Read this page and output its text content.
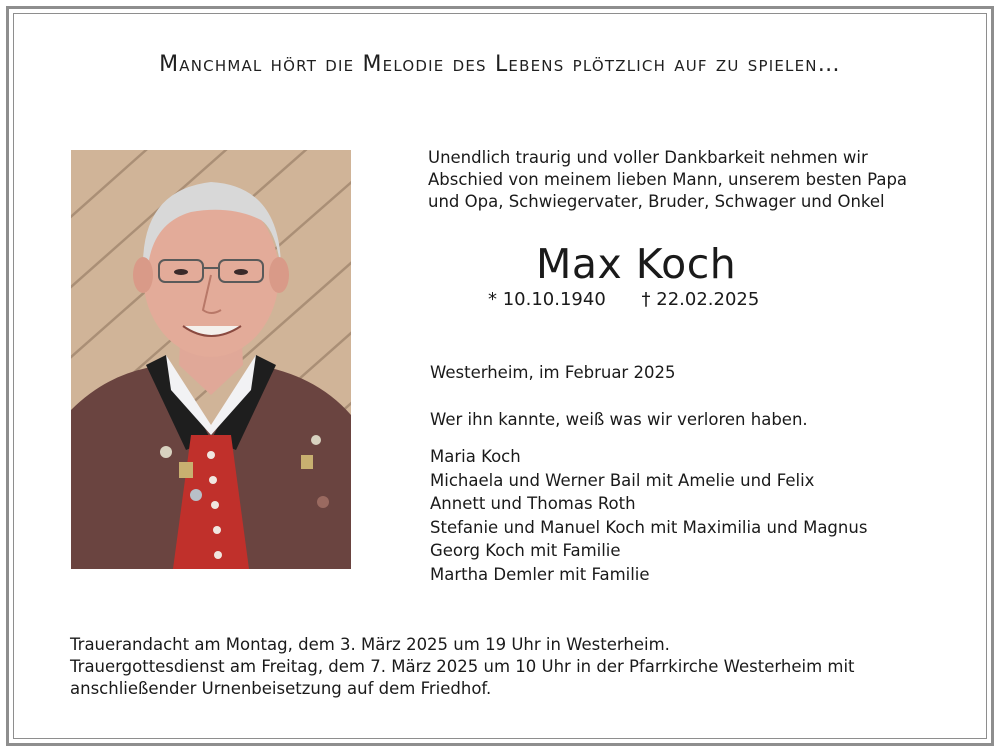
Manchmal hört die Melodie des Lebens plötzlich auf zu spielen…
Unendlich traurig und voller Dankbarkeit nehmen wir
Abschied von meinem lieben Mann, unserem besten Papa
und Opa, Schwiegervater, Bruder, Schwager und Onkel
Max Koch
* 10.10.1940 † 22.02.2025
Westerheim, im Februar 2025
Wer ihn kannte, weiß was wir verloren haben.
Maria Koch
Michaela und Werner Bail mit Amelie und Felix
Annett und Thomas Roth
Stefanie und Manuel Koch mit Maximilia und Magnus
Georg Koch mit Familie
Martha Demler mit Familie
Trauerandacht am Montag, dem 3. März 2025 um 19 Uhr in Westerheim.
Trauergottesdienst am Freitag, dem 7. März 2025 um 10 Uhr in der Pfarrkirche Westerheim mit
anschließender Urnenbeisetzung auf dem Friedhof.
